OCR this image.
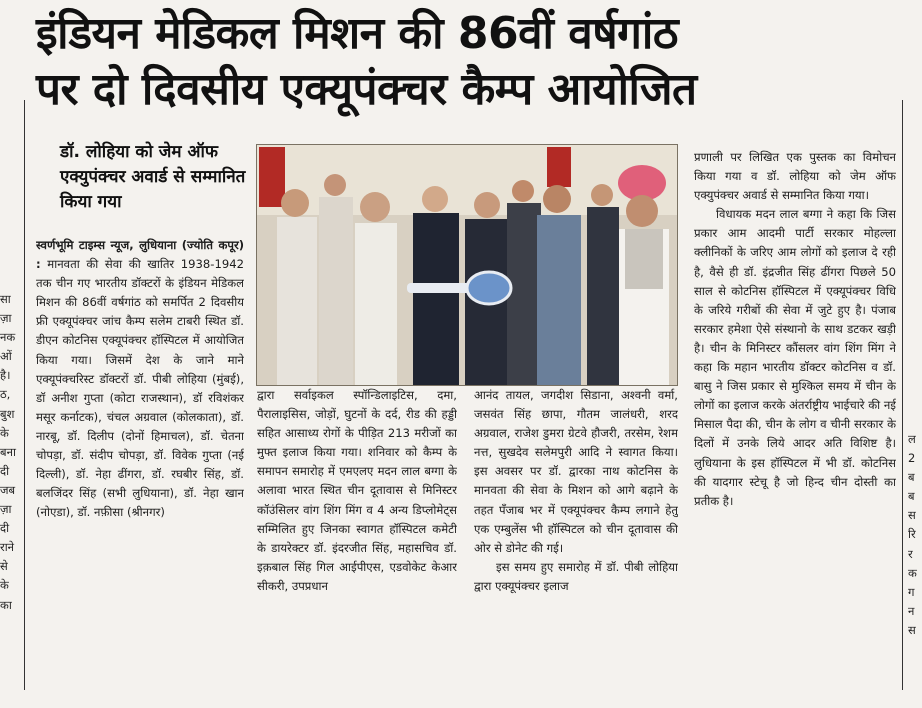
सा
ज़ा
नक
ओं
है।
ठ,
बुश
के
बना
दी
जब
ज़ा
दी
राने
से
के
का
इंडियन मेडिकल मिशन की 86वीं वर्षगांठ
पर दो दिवसीय एक्यूपंक्चर कैम्प आयोजित
डॉ. लोहिया को जेम ऑफ एक्युपंक्चर अवार्ड से सम्मानित किया गया

स्वर्णभूमि टाइम्स न्यूज, लुधियाना (ज्योति कपूर) : मानवता की सेवा की खातिर 1938-1942 तक चीन गए भारतीय डॉक्टरों के इंडियन मेडिकल मिशन की 86वीं वर्षगांठ को समर्पित 2 दिवसीय फ्री एक्यूपंक्चर जांच कैम्प सलेम टाबरी स्थित डॉ. डीएन कोटनिस एक्यूपंक्चर हॉस्पिटल में आयोजित किया गया। जिसमें देश के जाने माने एक्यूपंक्चरिस्ट डॉक्टरों डॉ. पीबी लोहिया (मुंबई), डॉ अनीश गुप्ता (कोटा राजस्थान), डॉ रविशंकर मसूर कर्नाटक), चंचल अग्रवाल (कोलकाता), डॉ. नारबू, डॉ. दिलीप (दोनों हिमाचल), डॉ. चेतना चोपड़ा, डॉ. संदीप चोपड़ा, डॉ. विवेक गुप्ता (नई दिल्ली), डॉ. नेहा ढींगरा, डॉ. रघबीर सिंह, डॉ. बलजिंदर सिंह (सभी लुधियाना), डॉ. नेहा खान (नोएडा), डॉ. नफ़ीसा (श्रीनगर)

द्वारा सर्वाइकल स्पॉन्डिलाइटिस, दमा, पैरालाइसिस, जोड़ों, घुटनों के दर्द, रीड की हड्डी सहित आसाध्य रोगों के पीड़ित 213 मरीजों का मुफ्त इलाज किया गया। शनिवार को कैम्प के समापन समारोह में एमएलए मदन लाल बग्गा के अलावा भारत स्थित चीन दूतावास से मिनिस्टर कॉउंसिलर वांग शिंग मिंग व 4 अन्य डिप्लोमेट्स सम्मिलित हुए जिनका स्वागत हॉस्पिटल कमेटी के डायरेक्टर डॉ. इंदरजीत सिंह, महासचिव डॉ. इक़बाल सिंह गिल आईपीएस, एडवोकेट केआर सीकरी, उपप्रधान

आनंद तायल, जगदीश सिडाना, अश्वनी वर्मा, जसवंत सिंह छापा, गौतम जालंधरी, शरद अग्रवाल, राजेश डुमरा ग्रेटवे हौजरी, तरसेम, रेशम नत्त, सुखदेव सलेमपुरी आदि ने स्वागत किया। इस अवसर पर डॉ. द्वारका नाथ कोटनिस के मानवता की सेवा के मिशन को आगे बढ़ाने के तहत पँजाब भर में एक्यूपंक्चर कैम्प लगाने हेतु एक एम्बुलेंस भी हॉस्पिटल को चीन दूतावास की ओर से डोनेट की गई।

इस समय हुए समारोह में डॉ. पीबी लोहिया द्वारा एक्यूपंक्चर इलाज

प्रणाली पर लिखित एक पुस्तक का विमोचन किया गया व डॉ. लोहिया को जेम ऑफ एक्युपंक्चर अवार्ड से सम्मानित किया गया।

विधायक मदन लाल बग्गा ने कहा कि जिस प्रकार आम आदमी पार्टी सरकार मोहल्ला क्लीनिकों के जरिए आम लोगों को इलाज दे रही है, वैसे ही डॉ. इंद्रजीत सिंह ढींगरा पिछले 50 साल से कोटनिस हॉस्पिटल में एक्यूपंक्चर विधि के जरिये गरीबों की सेवा में जुटे हुए है। पंजाब सरकार हमेशा ऐसे संस्थानो के साथ डटकर खड़ी है। चीन के मिनिस्टर कौंसलर वांग शिंग मिंग ने कहा कि महान भारतीय डॉक्टर कोटनिस व डॉ. बासु ने जिस प्रकार से मुश्किल समय में चीन के लोगों का इलाज करके अंतर्राष्ट्रीय भाईचारे की नई मिसाल पैदा की, चीन के लोग व चीनी सरकार के दिलों में उनके लिये आदर अति विशिष्ट है। लुधियाना के इस हॉस्पिटल में भी डॉ. कोटनिस की यादगार स्टेचू है जो हिन्द चीन दोस्ती का प्रतीक है।

ल
2
ब
ब
स
रि
र
क
ग
न
स
